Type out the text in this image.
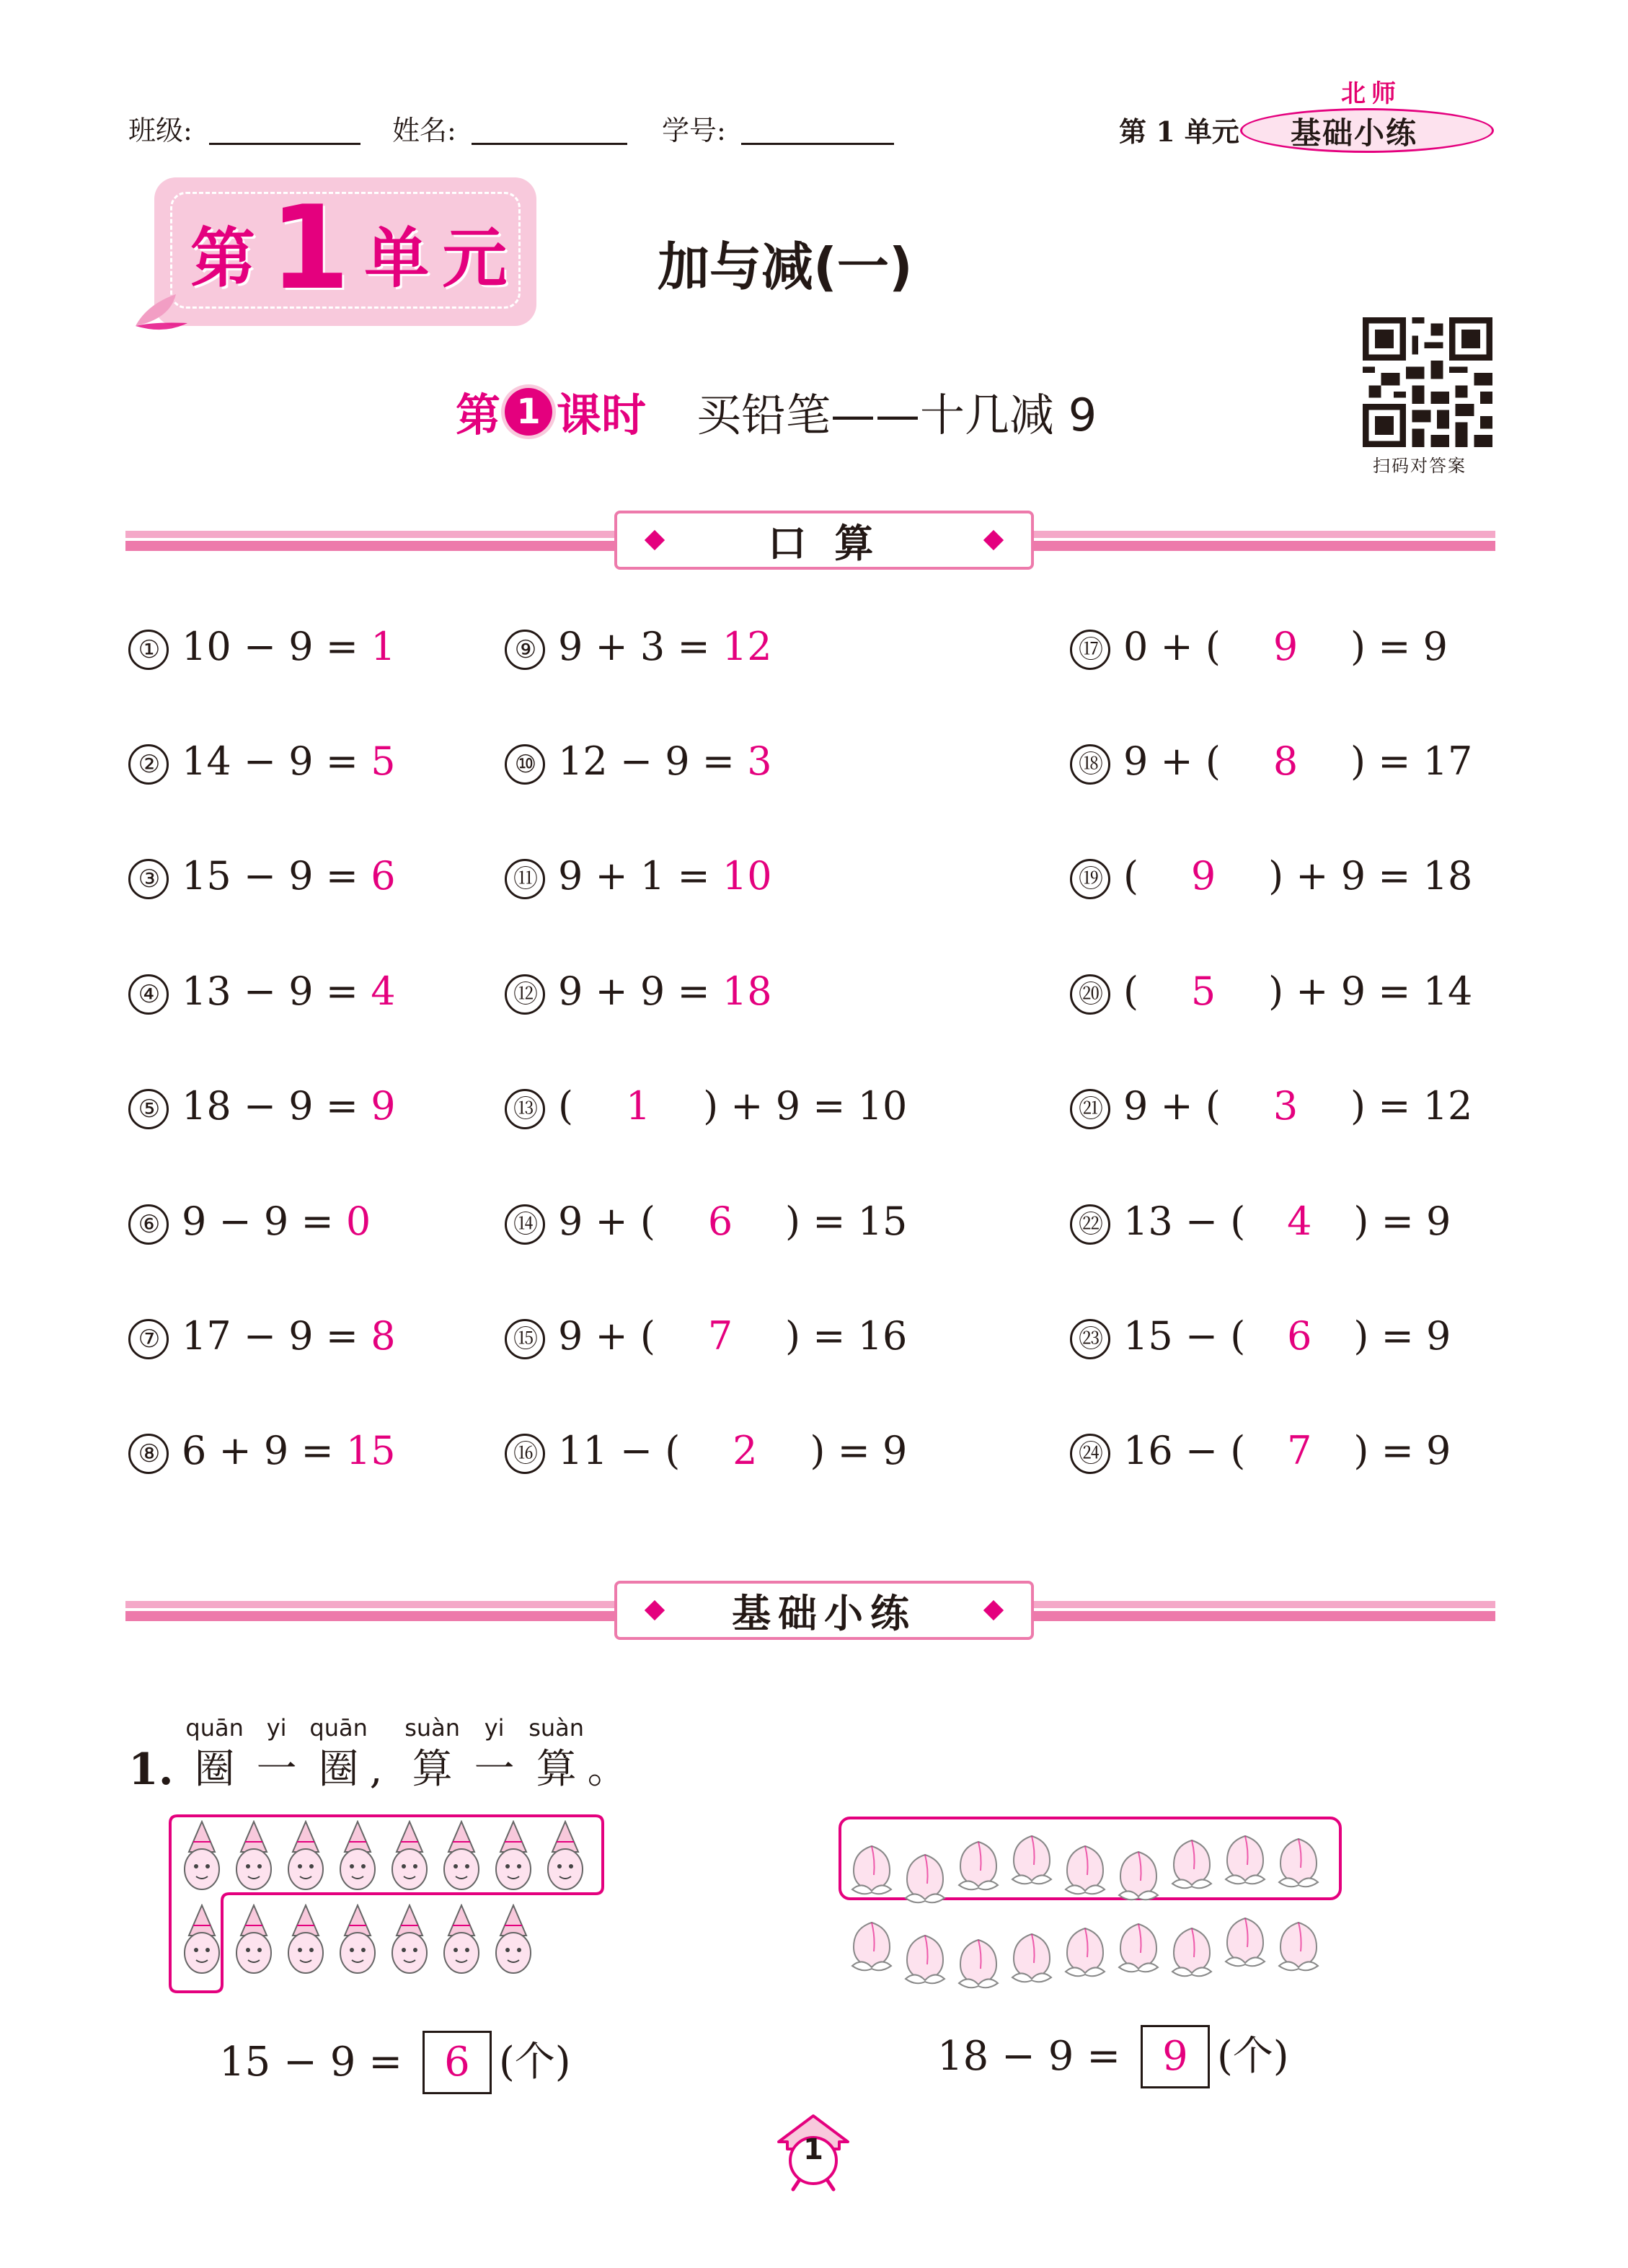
班级:	姓名:	学号:	第 1 单元
北师
基础小练
第 1 单元	加与减(一)
第 1 课时 买铅笔——十几减 9
扫码对答案
口 算
① 10 − 9 = 1
② 14 − 9 = 5
③ 15 − 9 = 6
④ 13 − 9 = 4
⑤ 18 − 9 = 9
⑥ 9 − 9 = 0
⑦ 17 − 9 = 8
⑧ 6 + 9 = 15
⑨ 9 + 3 = 12
⑩ 12 − 9 = 3
⑪ 9 + 1 = 10
⑫ 9 + 9 = 18
⑬ ( 1 ) + 9 = 10
⑭ 9 + ( 6 ) = 15
⑮ 9 + ( 7 ) = 16
⑯ 11 − ( 2 ) = 9
⑰ 0 + ( 9 ) = 9
⑱ 9 + ( 8 ) = 17
⑲ ( 9 ) + 9 = 18
⑳ ( 5 ) + 9 = 14
㉑ 9 + ( 3 ) = 12
㉒ 13 − ( 4 ) = 9
㉓ 15 − ( 6 ) = 9
㉔ 16 − ( 7 ) = 9
基础小练
1.
quān
圈
yi
一
quān
圈 ,
suàn
算
yi
一
suàn
算 。
15 − 9 = 6 (个)	18 − 9 = 9 (个)
1
